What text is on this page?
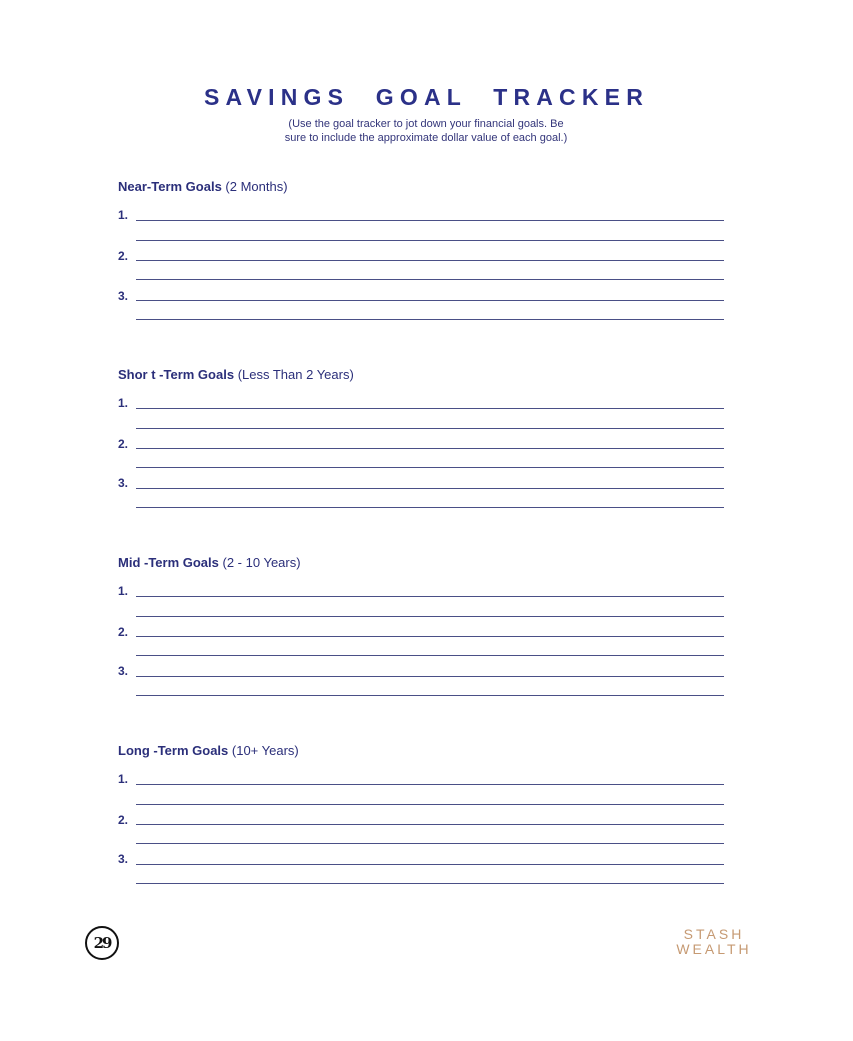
SAVINGS GOAL TRACKER
(Use the goal tracker to jot down your financial goals. Be
sure to include the approximate dollar value of each goal.)
Near-Term Goals (2 Months)
1.
2.
3.
Shor t -Term Goals (Less Than 2 Years)
1.
2.
3.
Mid -Term Goals (2 - 10 Years)
1.
2.
3.
Long -Term Goals (10+ Years)
1.
2.
3.
29	STASH
WEALTH
